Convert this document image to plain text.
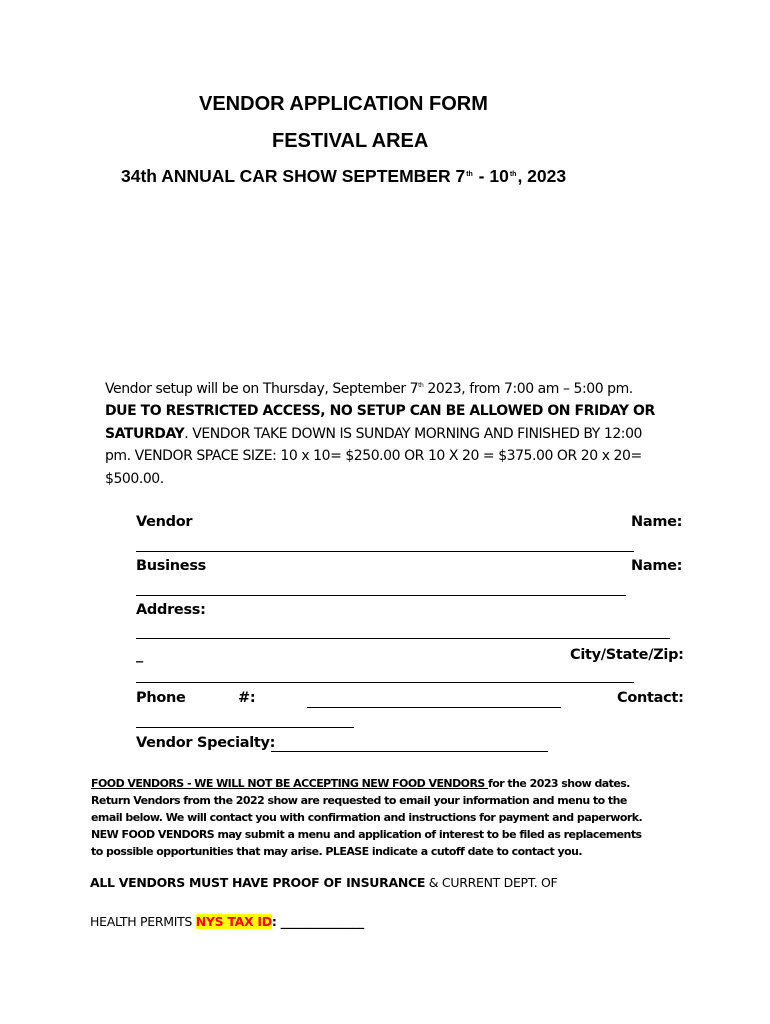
VENDOR APPLICATION FORM
FESTIVAL AREA
34th ANNUAL CAR SHOW SEPTEMBER 7th - 10th, 2023
Vendor setup will be on Thursday, September 7th 2023, from 7:00 am – 5:00 pm. DUE TO RESTRICTED ACCESS, NO SETUP CAN BE ALLOWED ON FRIDAY OR SATURDAY. VENDOR TAKE DOWN IS SUNDAY MORNING AND FINISHED BY 12:00 pm. VENDOR SPACE SIZE: 10 x 10= $250.00 OR 10 X 20 = $375.00 OR 20 x 20= $500.00.
Vendor	Name:
Business	Name:
Address:
_	City/State/Zip:
Phone	#:	Contact:
Vendor Specialty:
FOOD VENDORS - WE WILL NOT BE ACCEPTING NEW FOOD VENDORS for the 2023 show dates.
Return Vendors from the 2022 show are requested to email your information and menu to the
email below. We will contact you with confirmation and instructions for payment and paperwork.
NEW FOOD VENDORS may submit a menu and application of interest to be filed as replacements
to possible opportunities that may arise. PLEASE indicate a cutoff date to contact you.
ALL VENDORS MUST HAVE PROOF OF INSURANCE & CURRENT DEPT. OF
HEALTH PERMITS NYS TAX ID: ______________
